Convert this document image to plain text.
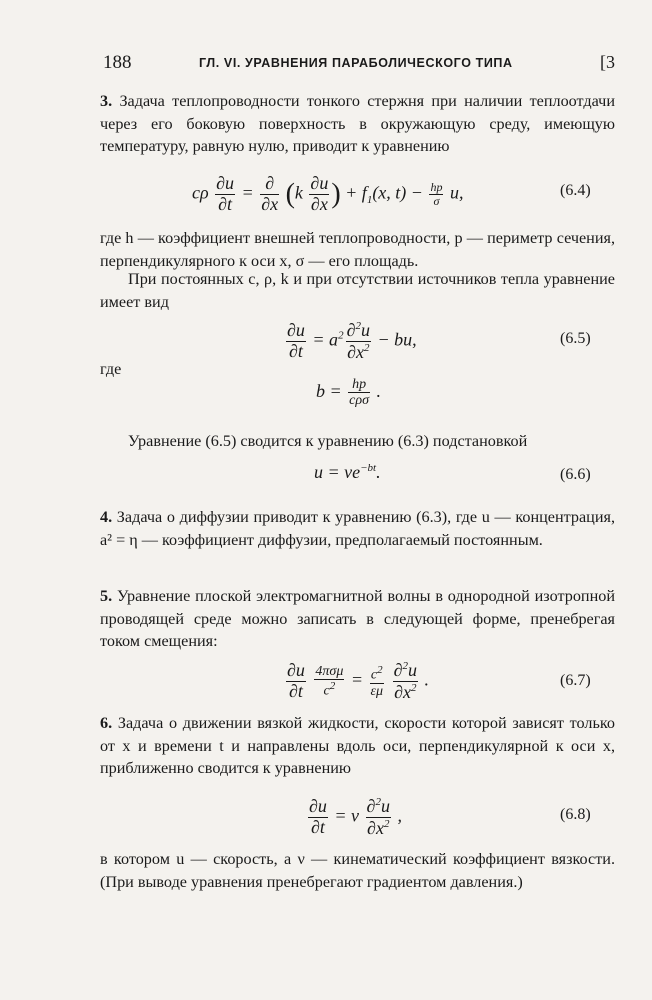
188	ГЛ. VI. УРАВНЕНИЯ ПАРАБОЛИЧЕСКОГО ТИПА	[3

3. Задача теплопроводности тонкого стержня при наличии теплоотдачи через его боковую поверхность в окружающую среду, имеющую температуру, равную нулю, приводит к уравнению

cρ $\frac{\partial u}{\partial t} = \frac{\partial}{\partial x} (k \frac{\partial u}{\partial x}$ ) + $f_1(x$, $t) - \frac{hp}{\sigma} u$,	(6.4)

где h — коэффициент внешней теплопроводности, p — периметр сечения, перпендикулярного к оси x, σ — его площадь.

При постоянных c, ρ, k и при отсутствии источников тепла уравнение имеет вид

$\frac{\partial u}{\partial t} = a^2 \frac{\partial^2u}{\partial x^2}$ − bu,	(6.5)

где

$b = \frac{hp}{\text{cρσ}}$ .

Уравнение (6.5) сводится к уравнению (6.3) подстановкой

$u = ve^{-bt}$.	(6.6)

4. Задача о диффузии приводит к уравнению (6.3), где u — концентрация, a² = η — коэффициент диффузии, предполагаемый постоянным.

5. Уравнение плоской электромагнитной волны в однородной изотропной проводящей среде можно записать в следующей форме, пренебрегая током смещения:

$\frac{\partial u}{\partial t}$
$\frac{\text{4πσμ}}{c^2} = \frac{c^2}{\varepsilon\mu}$
$\frac{\partial^2u}{\partial x^2}$ .	(6.7)

6. Задача о движении вязкой жидкости, скорости которой зависят только от x и времени t и направлены вдоль оси, перпендикулярной к оси x, приближенно сводится к уравнению

$\frac{\partial u}{\partial t} = \nu \frac{\partial^2u}{\partial x^2}$ ,	(6.8)

в котором u — скорость, а ν — кинематический коэффициент вязкости. (При выводе уравнения пренебрегают градиентом давления.)
